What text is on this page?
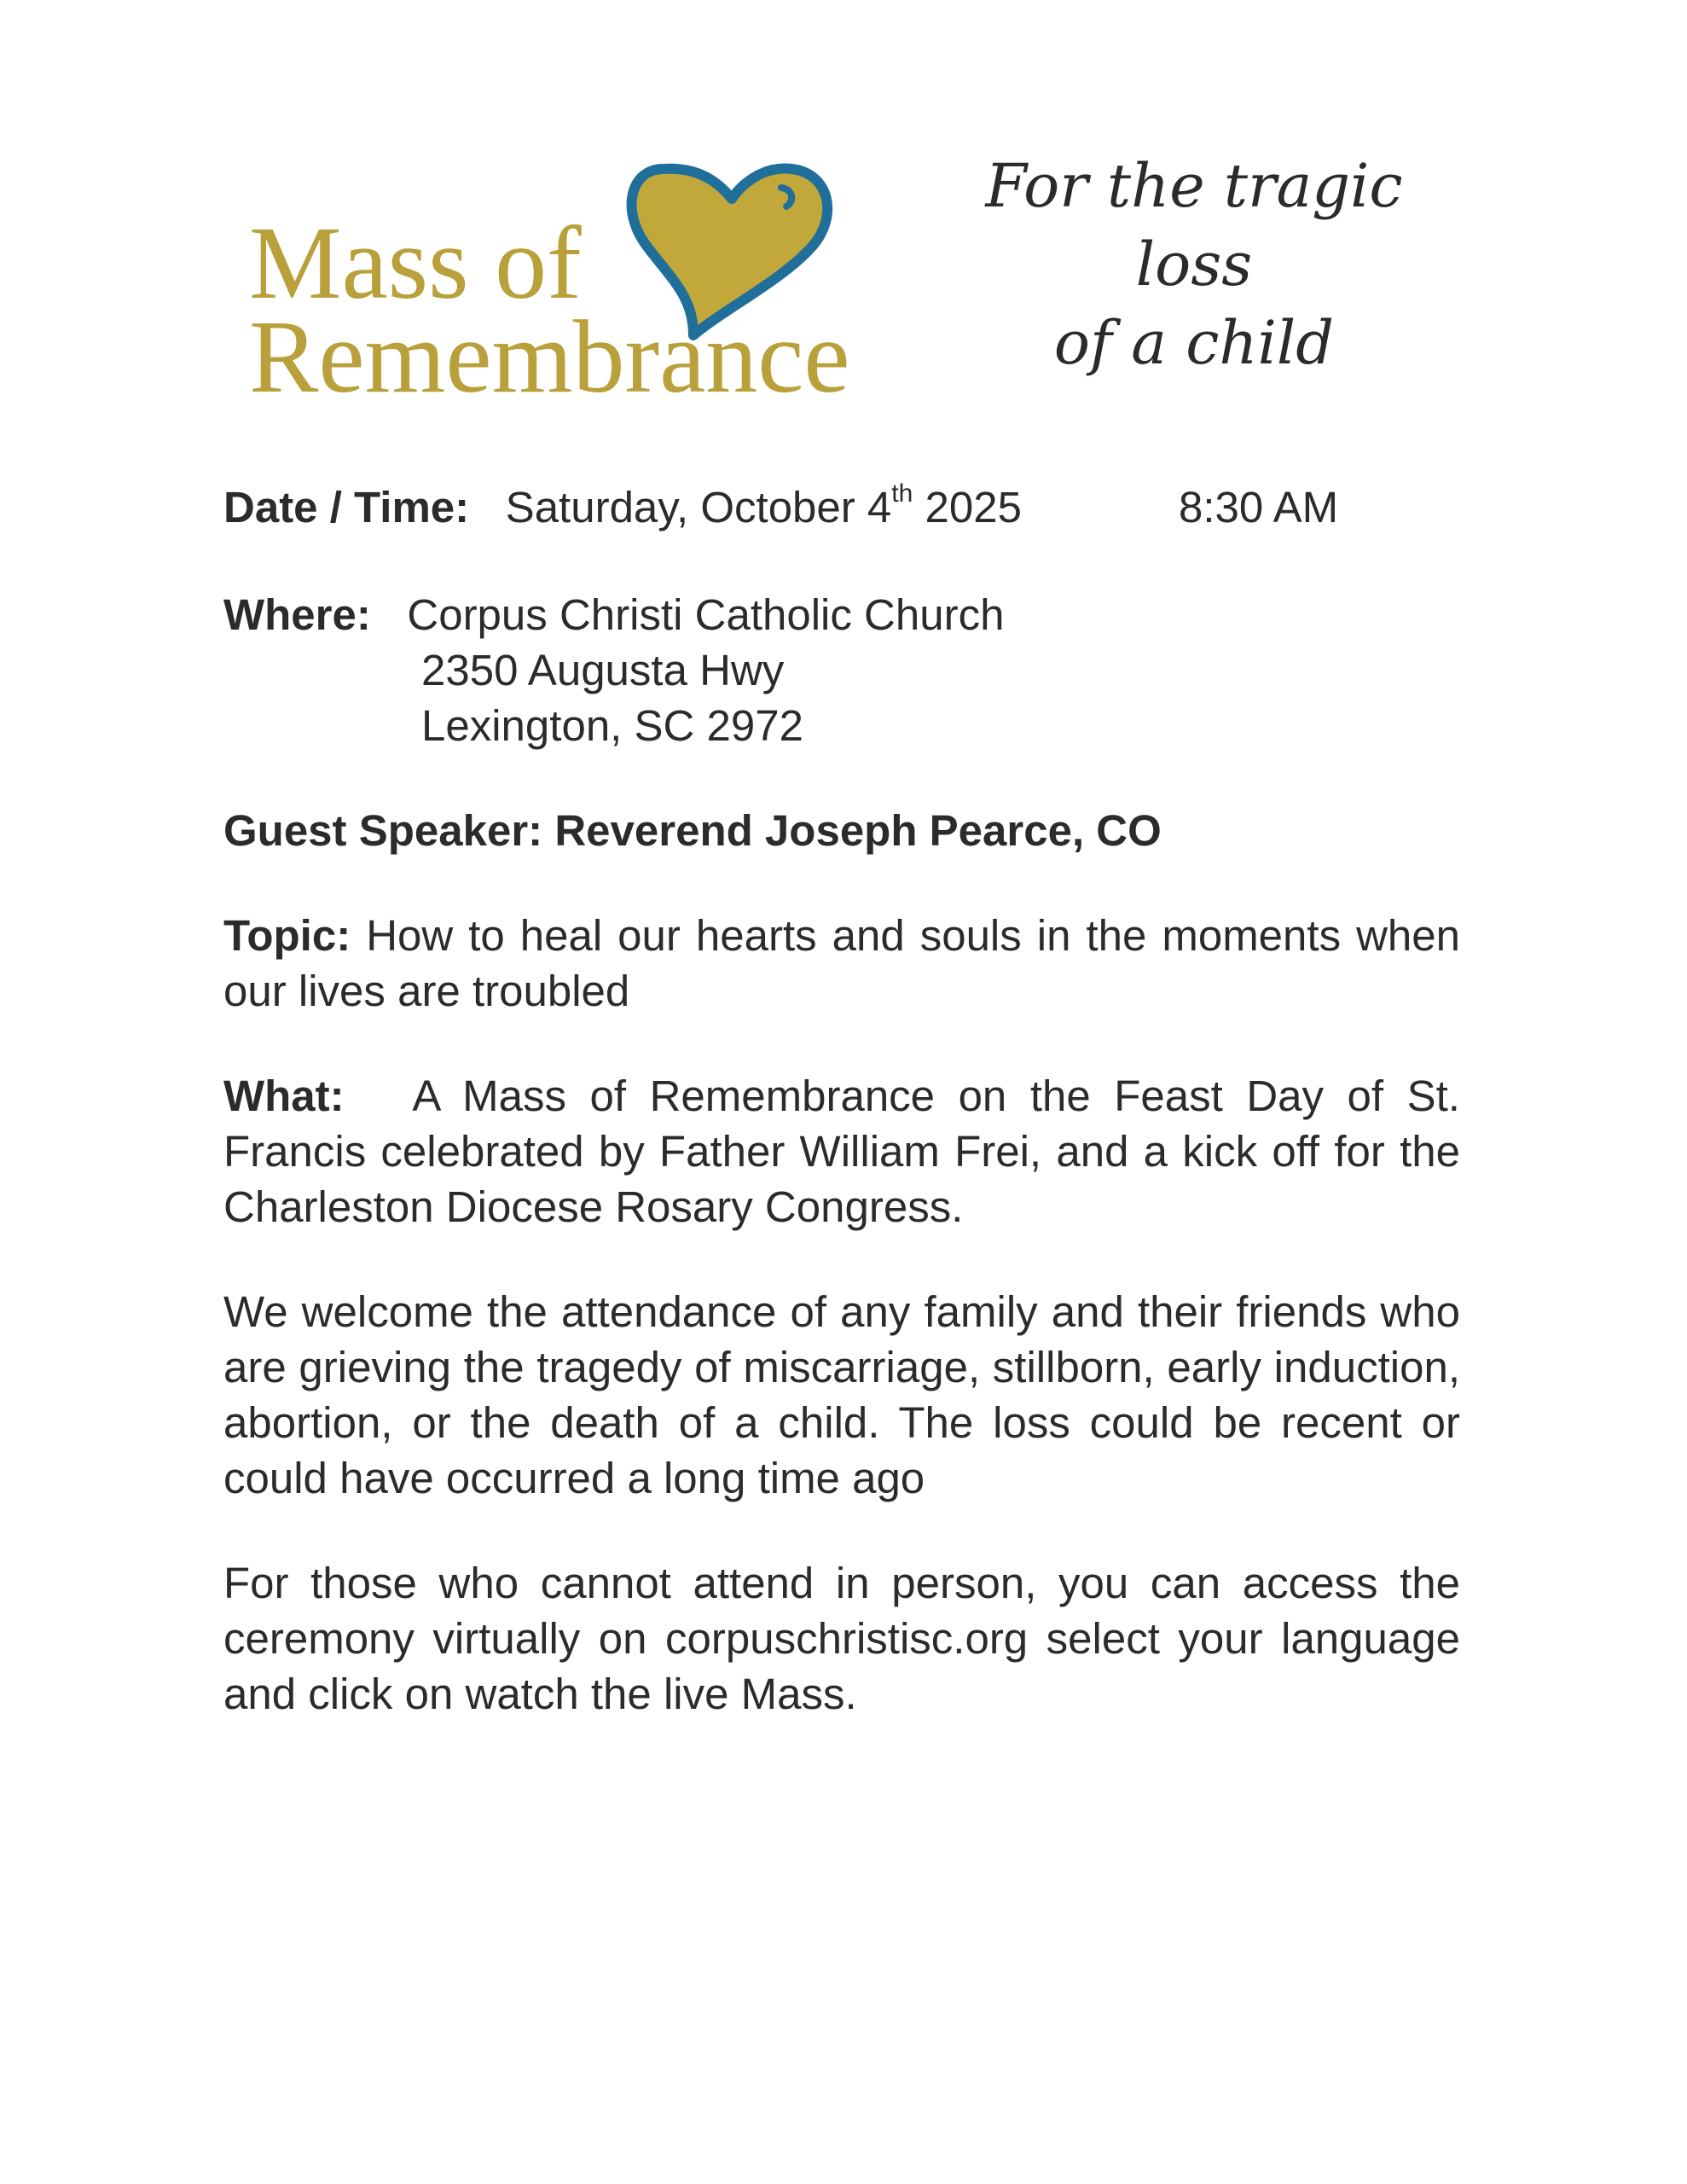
Mass of
Remembrance
For the tragic loss
of a child
Date / Time: Saturday, October 4th 2025	8:30 AM
Where: Corpus Christi Catholic Church
2350 Augusta Hwy
Lexington, SC 2972
Guest Speaker: Reverend Joseph Pearce, CO
Topic: How to heal our hearts and souls in the moments when our lives are troubled
What: A Mass of Remembrance on the Feast Day of St. Francis celebrated by Father William Frei, and a kick off for the Charleston Diocese Rosary Congress.
We welcome the attendance of any family and their friends who are grieving the tragedy of miscarriage, stillborn, early induction, abortion, or the death of a child. The loss could be recent or could have occurred a long time ago
For those who cannot attend in person, you can access the ceremony virtually on corpuschristisc.org select your language and click on watch the live Mass.
